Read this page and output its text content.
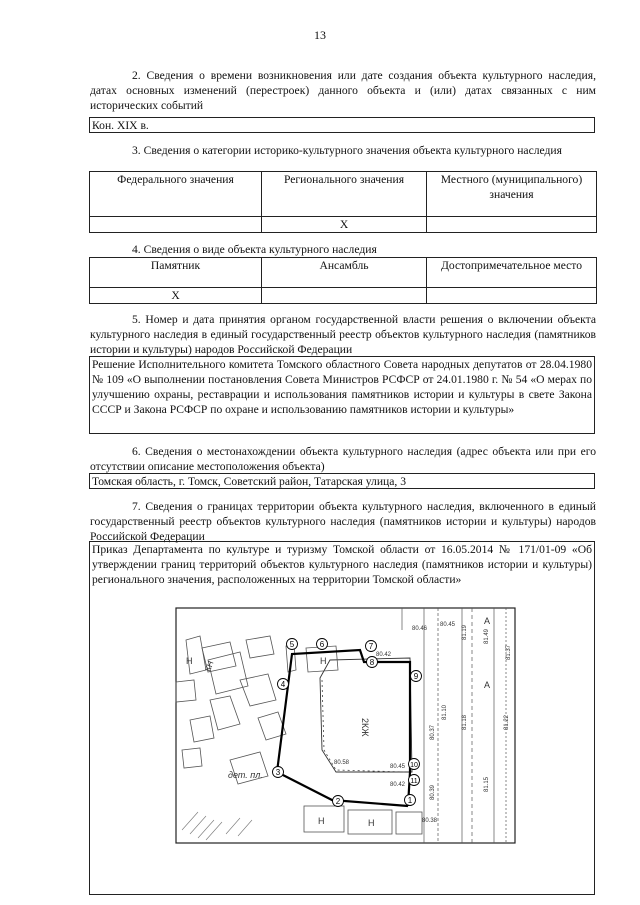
13
2. Сведения о времени возникновения или дате создания объекта культурного наследия, датах основных изменений (перестроек) данного объекта и (или) датах связанных с ним исторических событий
Кон. XIX в.
3. Сведения о категории историко-культурного значения объекта культурного наследия
Федерального значения	Регионального значения	Местного (муниципального) значения
	X	
4. Сведения о виде объекта культурного наследия
Памятник	Ансамбль	Достопримечательное место
X		
5. Номер и дата принятия органом государственной власти решения о включении объекта культурного наследия в единый государственный реестр объектов культурного наследия (памятников истории и культуры) народов Российской Федерации
Решение Исполнительного комитета Томского областного Совета народных депутатов от 28.04.1980 № 109 «О выполнении постановления Совета Министров РСФСР от 24.01.1980 г. № 54 «О мерах по улучшению охраны, реставрации и использования памятников истории и культуры в свете Закона СССР и Закона РСФСР по охране и использованию памятников истории и культуры»
6. Сведения о местонахождении объекта культурного наследия (адрес объекта или при его отсутствии описание местоположения объекта)
Томская область, г. Томск, Советский район, Татарская улица, 3
7. Сведения о границах территории объекта культурного наследия, включенного в единый государственный реестр объектов культурного наследия (памятников истории и культуры) народов Российской Федерации
Приказ Департамента по культуре и туризму Томской области от 16.05.2014 № 171/01-09 «Об утверждении границ территорий объектов культурного наследия (памятников истории и культуры) регионального значения, расположенных на территории Томской области»
1
2
3
4
5	6	7
8
9
10
11
2КЖ
Н
Н
Н	Н
КН
дет. пл.
А
А
80.46
80.45 81.19	81.49
80.42
80.58
80.45
80.42
81.18
81.15
81.22
81.37
80.37
80.39
81.10
80.38
